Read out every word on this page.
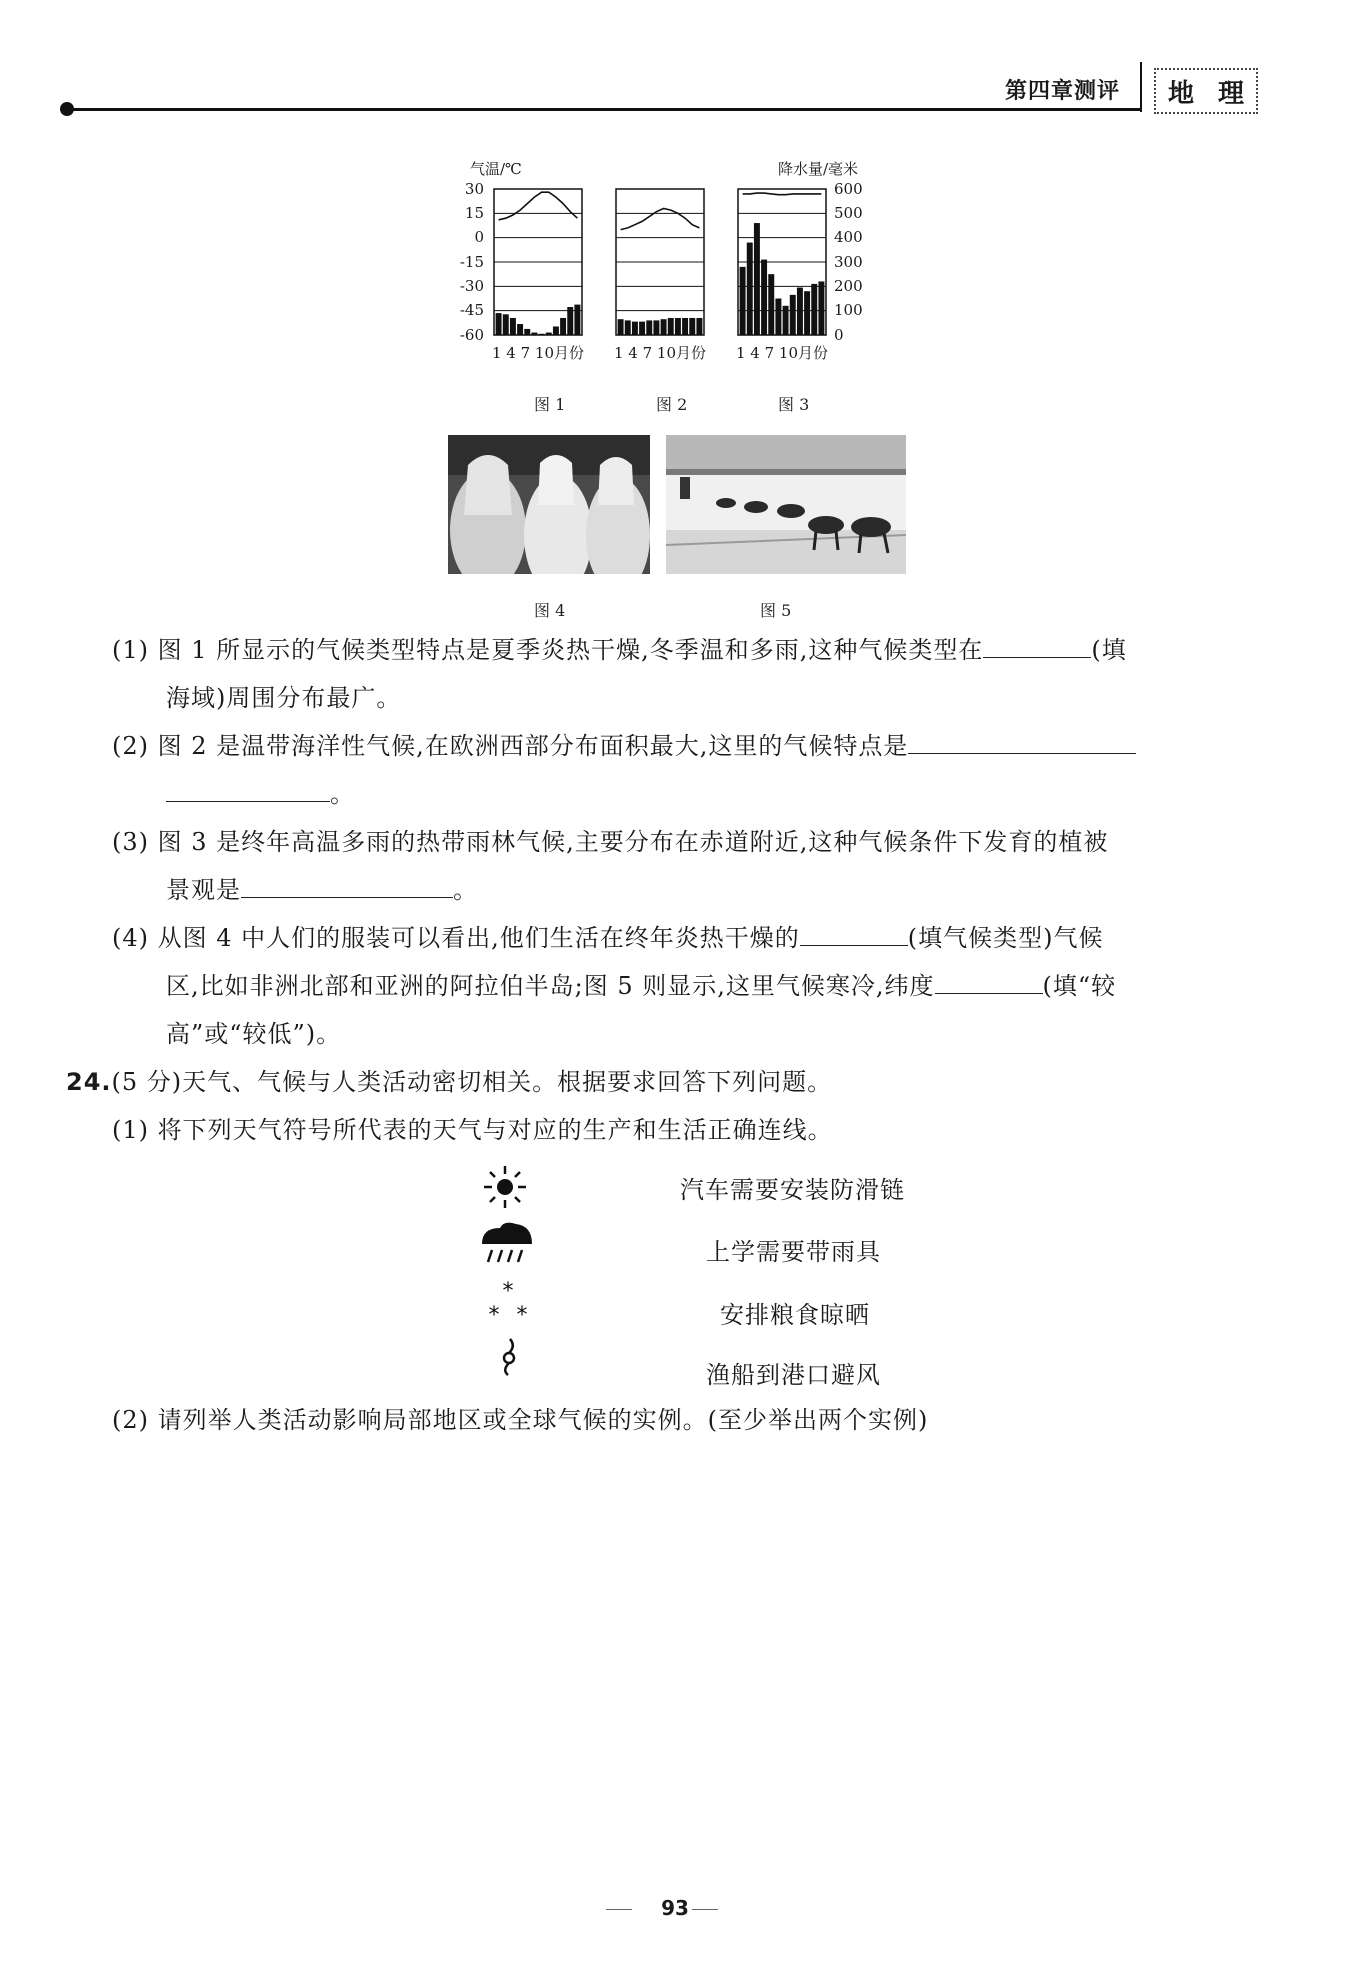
第四章测评 地 理
气温/℃	降水量/毫米
30
15
0
-15
-30
-45
-60
600
500
400
300
200
100
0
1 4 7 10月份 1 4 7 10月份 1 4 7 10月份
图 1	图 2	图 3
图 4	图 5
(1) 图 1 所显示的气候类型特点是夏季炎热干燥,冬季温和多雨,这种气候类型在	(填
海域)周围分布最广。
(2) 图 2 是温带海洋性气候,在欧洲西部分布面积最大,这里的气候特点是
。
(3) 图 3 是终年高温多雨的热带雨林气候,主要分布在赤道附近,这种气候条件下发育的植被
景观是	。
(4) 从图 4 中人们的服装可以看出,他们生活在终年炎热干燥的	(填气候类型)气候
区,比如非洲北部和亚洲的阿拉伯半岛;图 5 则显示,这里气候寒冷,纬度	(填“较
高”或“较低”)。
24.(5 分)天气、气候与人类活动密切相关。根据要求回答下列问题。
(1) 将下列天气符号所代表的天气与对应的生产和生活正确连线。
*
* *
汽车需要安装防滑链
上学需要带雨具
安排粮食晾晒
渔船到港口避风
(2) 请列举人类活动影响局部地区或全球气候的实例。(至少举出两个实例)
93
